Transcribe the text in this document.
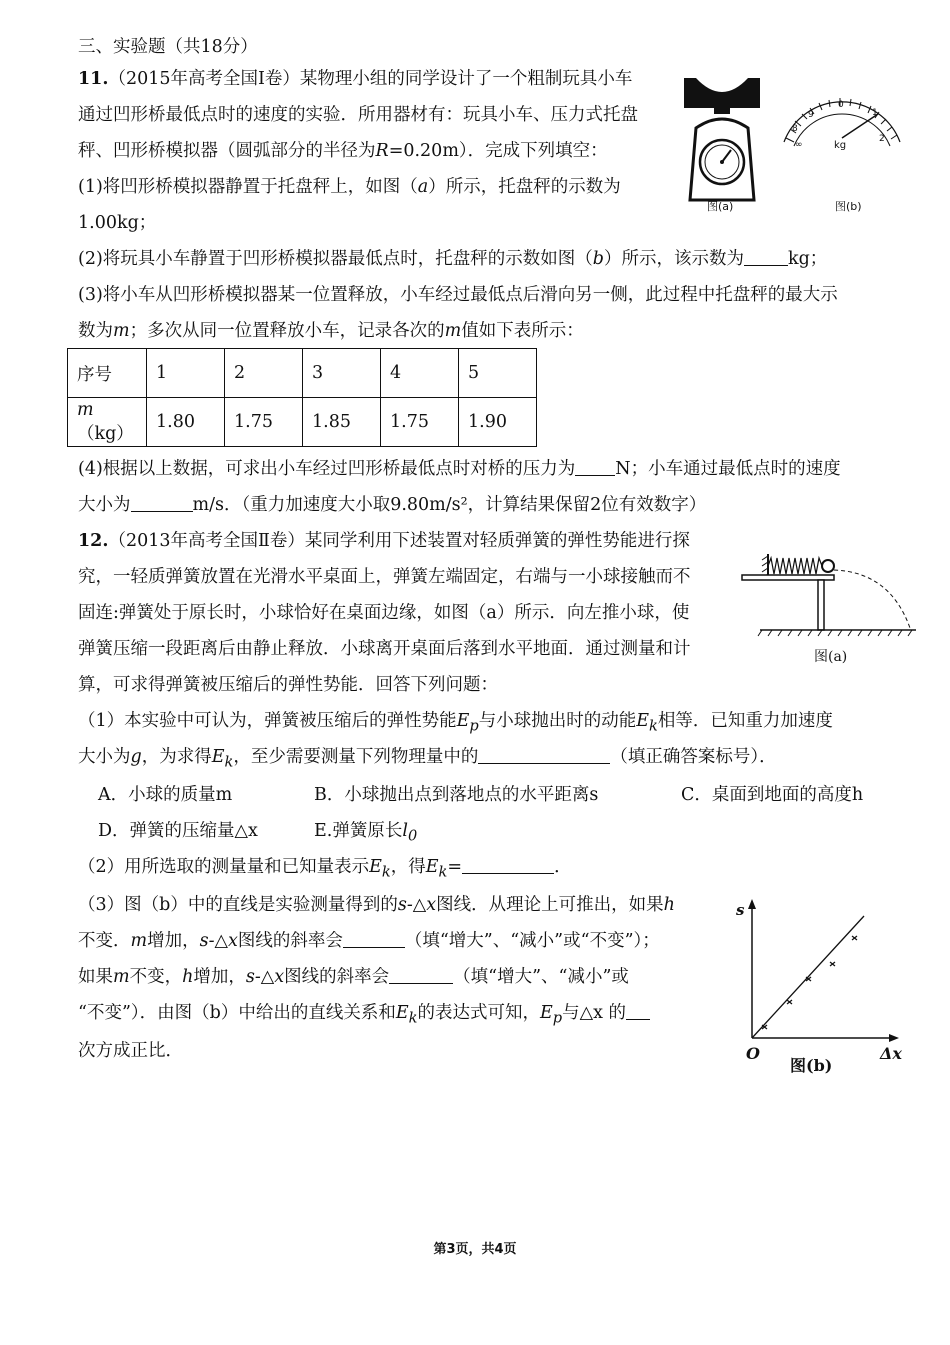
三、实验题（共18分）
11.（2015年高考全国Ⅰ卷）某物理小组的同学设计了一个粗制玩具小车
通过凹形桥最低点时的速度的实验．所用器材有：玩具小车、压力式托盘
秤、凹形桥模拟器（圆弧部分的半径为R=0.20m）．完成下列填空：
(1)将凹形桥模拟器静置于托盘秤上，如图（a）所示，托盘秤的示数为
1.00kg；
(2)将玩具小车静置于凹形桥模拟器最低点时，托盘秤的示数如图（b）所示，该示数为	kg；
(3)将小车从凹形桥模拟器某一位置释放，小车经过最低点后滑向另一侧，此过程中托盘秤的最大示
数为m；多次从同一位置释放小车，记录各次的m值如下表所示：
序号	1	2	3	4	5
m（kg）	1.80	1.75	1.85	1.75	1.90
(4)根据以上数据，可求出小车经过凹形桥最低点时对桥的压力为 N；小车通过最低点时的速度
大小为	m/s．（重力加速度大小取9.80m/s²，计算结果保留2位有效数字）
图(a)
0
1
2
9
8
∞	kg
图(b)
12.（2013年高考全国Ⅱ卷）某同学利用下述装置对轻质弹簧的弹性势能进行探
究，一轻质弹簧放置在光滑水平桌面上，弹簧左端固定，右端与一小球接触而不
固连:弹簧处于原长时，小球恰好在桌面边缘，如图（a）所示．向左推小球，使
弹簧压缩一段距离后由静止释放．小球离开桌面后落到水平地面．通过测量和计
算，可求得弹簧被压缩后的弹性势能．回答下列问题：
（1）本实验中可认为，弹簧被压缩后的弹性势能$E_p$与小球抛出时的动能$E_k$相等．已知重力加速度
大小为g，为求得$E_k$，至少需要测量下列物理量中的	（填正确答案标号）．
A．小球的质量m	B．小球抛出点到落地点的水平距离s	C．桌面到地面的高度h
D．弹簧的压缩量△x	E.弹簧原长$l_0$
（2）用所选取的测量量和已知量表示$E_k$，得$E_k=$	．
（3）图（b）中的直线是实验测量得到的s-△x图线．从理论上可推出，如果h
不变．m增加，s-△x图线的斜率会	（填“增大”、“减小”或“不变”）；
如果m不变，h增加，s-△x图线的斜率会	（填“增大”、“减小”或
“不变”）．由图（b）中给出的直线关系和$E_k$的表达式可知，$E_p$与△x 的
次方成正比．
图(a)
s
O	Δx
图(b)
第3页，共4页
